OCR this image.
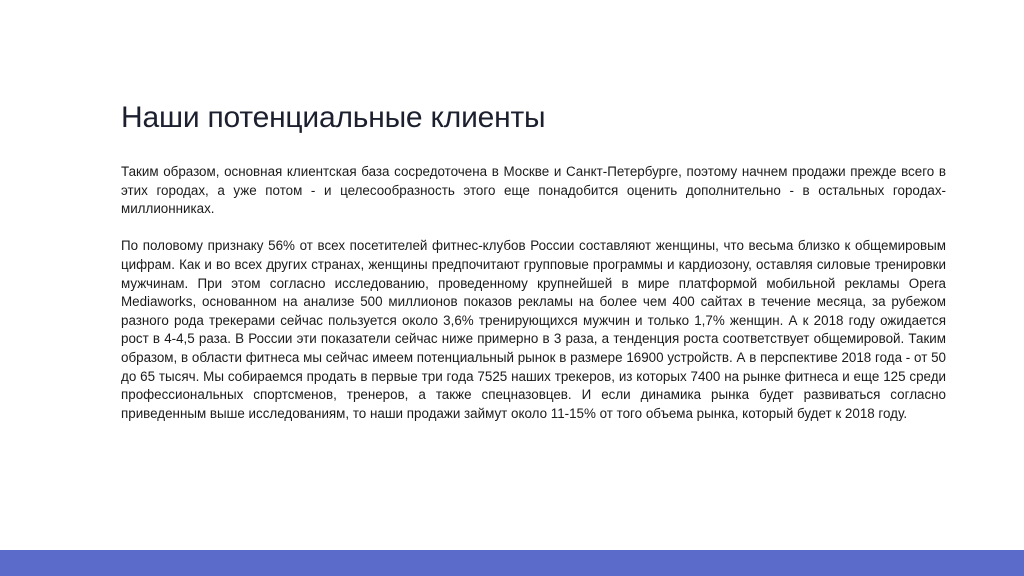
Наши потенциальные клиенты

Таким образом, основная клиентская база сосредоточена в Москве и Санкт-Петербурге, поэтому начнем продажи прежде всего в этих городах, а уже потом - и целесообразность этого еще понадобится оценить дополнительно - в остальных городах-миллионниках.

По половому признаку 56% от всех посетителей фитнес-клубов России составляют женщины, что весьма близко к общемировым цифрам. Как и во всех других странах, женщины предпочитают групповые программы и кардиозону, оставляя силовые тренировки мужчинам. При этом согласно исследованию, проведенному крупнейшей в мире платформой мобильной рекламы Opera Mediaworks, основанном на анализе 500 миллионов показов рекламы на более чем 400 сайтах в течение месяца, за рубежом разного рода трекерами сейчас пользуется около 3,6% тренирующихся мужчин и только 1,7% женщин. А к 2018 году ожидается рост в 4-4,5 раза. В России эти показатели сейчас ниже примерно в 3 раза, а тенденция роста соответствует общемировой. Таким образом, в области фитнеса мы сейчас имеем потенциальный рынок в размере 16900 устройств. А в перспективе 2018 года - от 50 до 65 тысяч. Мы собираемся продать в первые три года 7525 наших трекеров, из которых 7400 на рынке фитнеса и еще 125 среди профессиональных спортсменов, тренеров, а также спецназовцев. И если динамика рынка будет развиваться согласно приведенным выше исследованиям, то наши продажи займут около 11-15% от того объема рынка, который будет к 2018 году.
